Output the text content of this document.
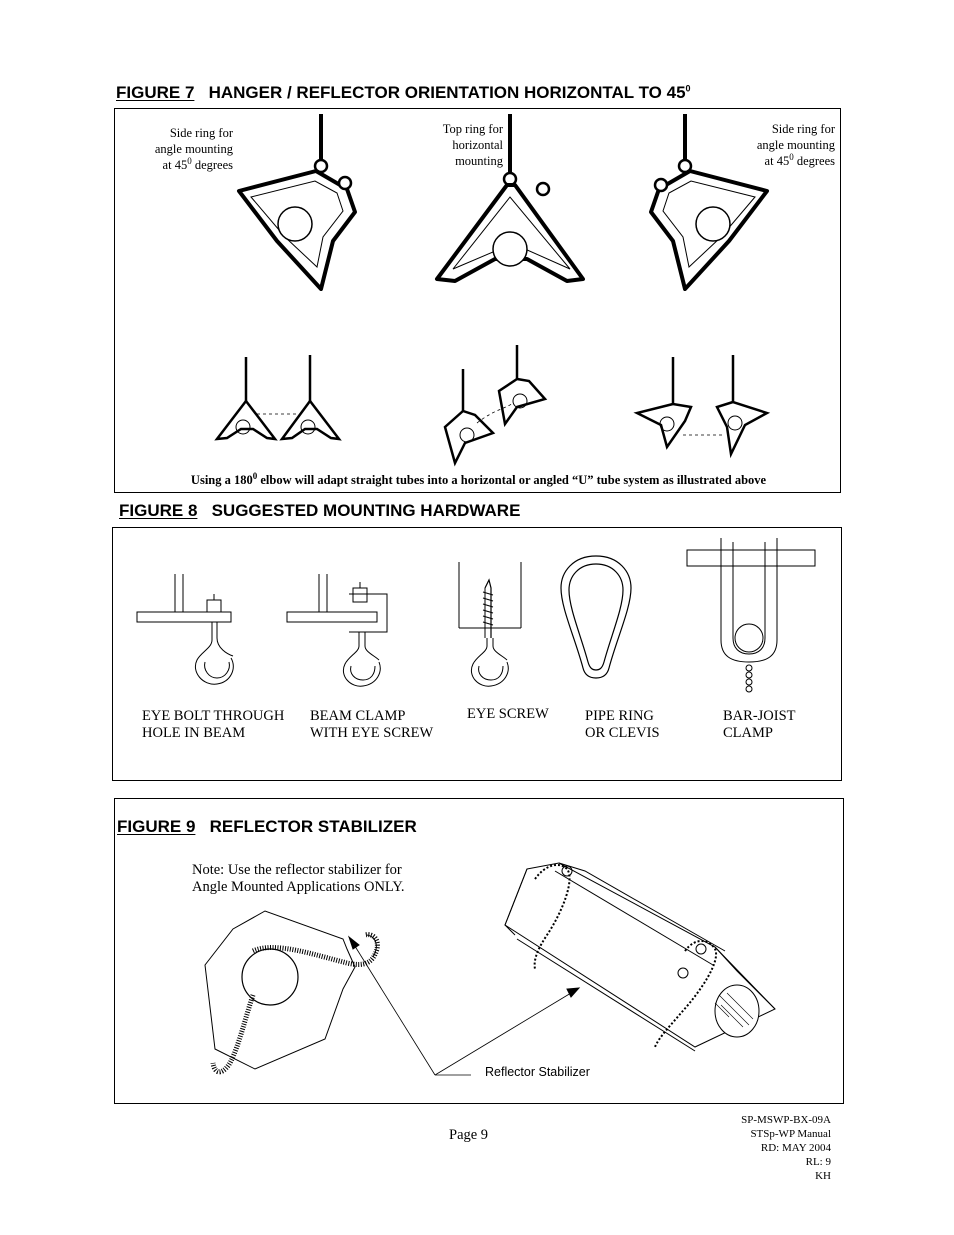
FIGURE 7 HANGER / REFLECTOR ORIENTATION HORIZONTAL TO $45^0$
Side ring for
angle mounting
at $45^0$ degrees
Top ring for
horizontal
mounting
Side ring for
angle mounting
at $45^0$ degrees
Using a $180^0$ elbow will adapt straight tubes into a horizontal or angled “U” tube system as illustrated above
FIGURE 8 SUGGESTED MOUNTING HARDWARE
EYE BOLT THROUGH
HOLE IN BEAM
BEAM CLAMP
WITH EYE SCREW
EYE SCREW PIPE RING
OR CLEVIS
BAR-JOIST
CLAMP
FIGURE 9 REFLECTOR STABILIZER
Note: Use the reflector stabilizer for
Angle Mounted Applications ONLY.
Reflector Stabilizer
Page 9
SP-MSWP-BX-09A
STSp-WP Manual
RD: MAY 2004
RL: 9
KH
